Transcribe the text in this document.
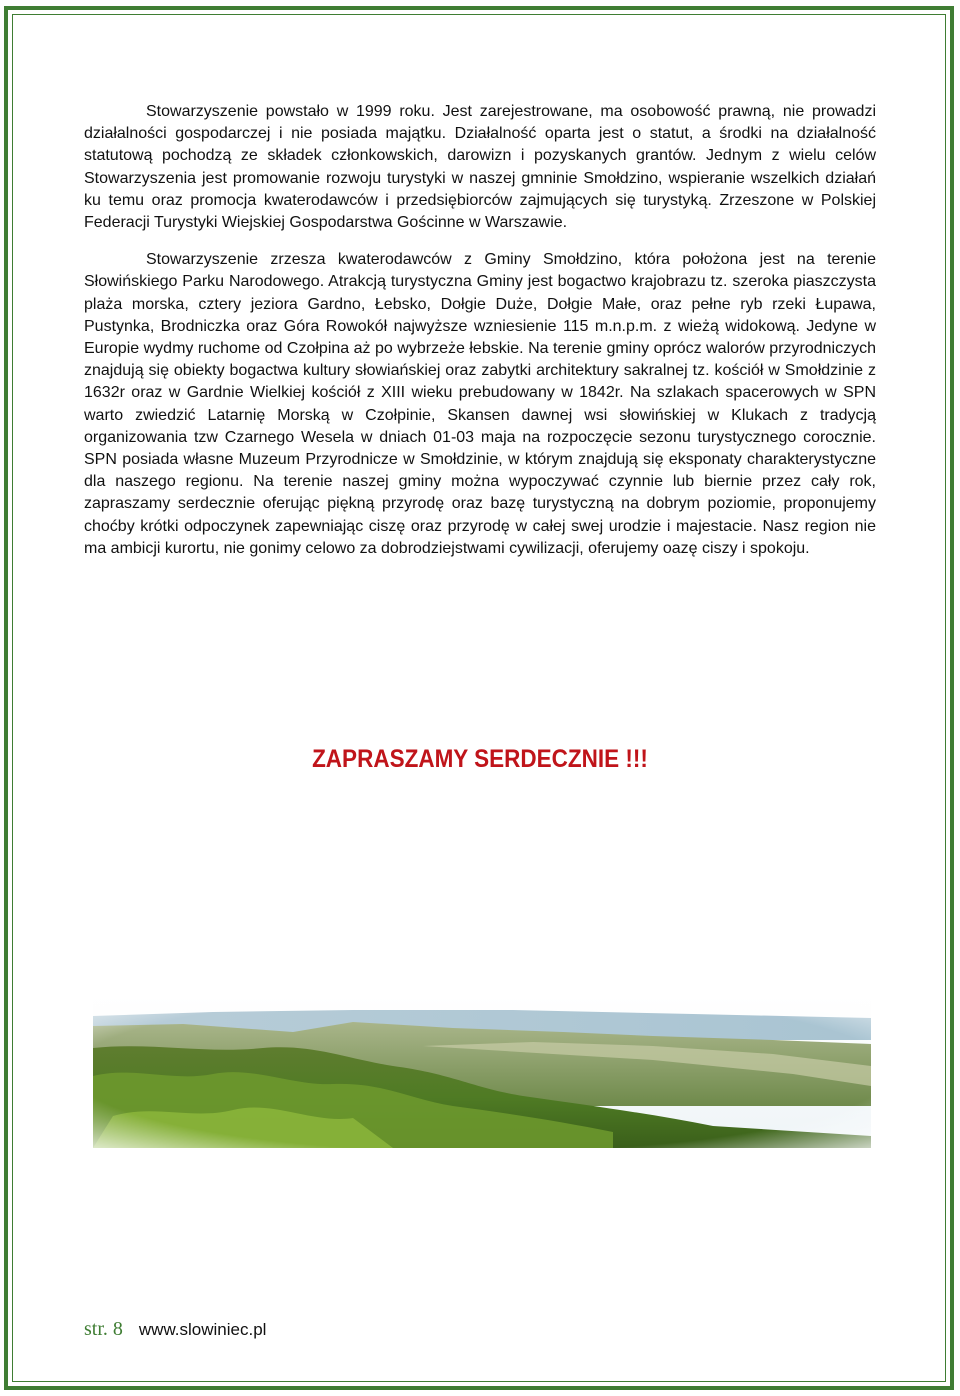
Stowarzyszenie powstało w 1999 roku. Jest zarejestrowane, ma osobowość prawną, nie prowadzi działalności gospodarczej i nie posiada majątku. Działalność oparta jest o statut, a środki na działalność statutową pochodzą ze składek członkowskich, darowizn i pozyskanych grantów. Jednym z wielu celów Stowarzyszenia jest promowanie rozwoju turystyki w naszej gmninie Smołdzino, wspieranie wszelkich działań ku temu oraz promocja kwaterodawców i przedsiębiorców zajmujących się turystyką. Zrzeszone w Polskiej Federacji Turystyki Wiejskiej Gospodarstwa Gościnne w Warszawie.

Stowarzyszenie zrzesza kwaterodawców z Gminy Smołdzino, która położona jest na terenie Słowińskiego Parku Narodowego. Atrakcją turystyczna Gminy jest bogactwo krajobrazu tz. szeroka piaszczysta plaża morska, cztery jeziora Gardno, Łebsko, Dołgie Duże, Dołgie Małe, oraz pełne ryb rzeki Łupawa, Pustynka, Brodniczka oraz Góra Rowokół najwyższe wzniesienie 115 m.n.p.m. z wieżą widokową. Jedyne w Europie wydmy ruchome od Czołpina aż po wybrzeże łebskie. Na terenie gminy oprócz walorów przyrodniczych znajdują się obiekty bogactwa kultury słowiańskiej oraz zabytki architektury sakralnej tz. kościół w Smołdzinie z 1632r oraz w Gardnie Wielkiej kościół z XIII wieku prebudowany w 1842r. Na szlakach spacerowych w SPN warto zwiedzić Latarnię Morską w Czołpinie, Skansen dawnej wsi słowińskiej w Klukach z tradycją organizowania tzw Czarnego Wesela w dniach 01-03 maja na rozpoczęcie sezonu turystycznego corocznie. SPN posiada własne Muzeum Przyrodnicze w Smołdzinie, w którym znajdują się eksponaty charakterystyczne dla naszego regionu. Na terenie naszej gminy można wypoczywać czynnie lub biernie przez cały rok, zapraszamy serdecznie oferując piękną przyrodę oraz bazę turystyczną na dobrym poziomie, proponujemy choćby krótki odpoczynek zapewniając ciszę oraz przyrodę w całej swej urodzie i majestacie. Nasz region nie ma ambicji kurortu, nie gonimy celowo za dobrodziejstwami cywilizacji, oferujemy oazę ciszy i spokoju.

ZAPRASZAMY SERDECZNIE !!!
str. 8 www.slowiniec.pl
